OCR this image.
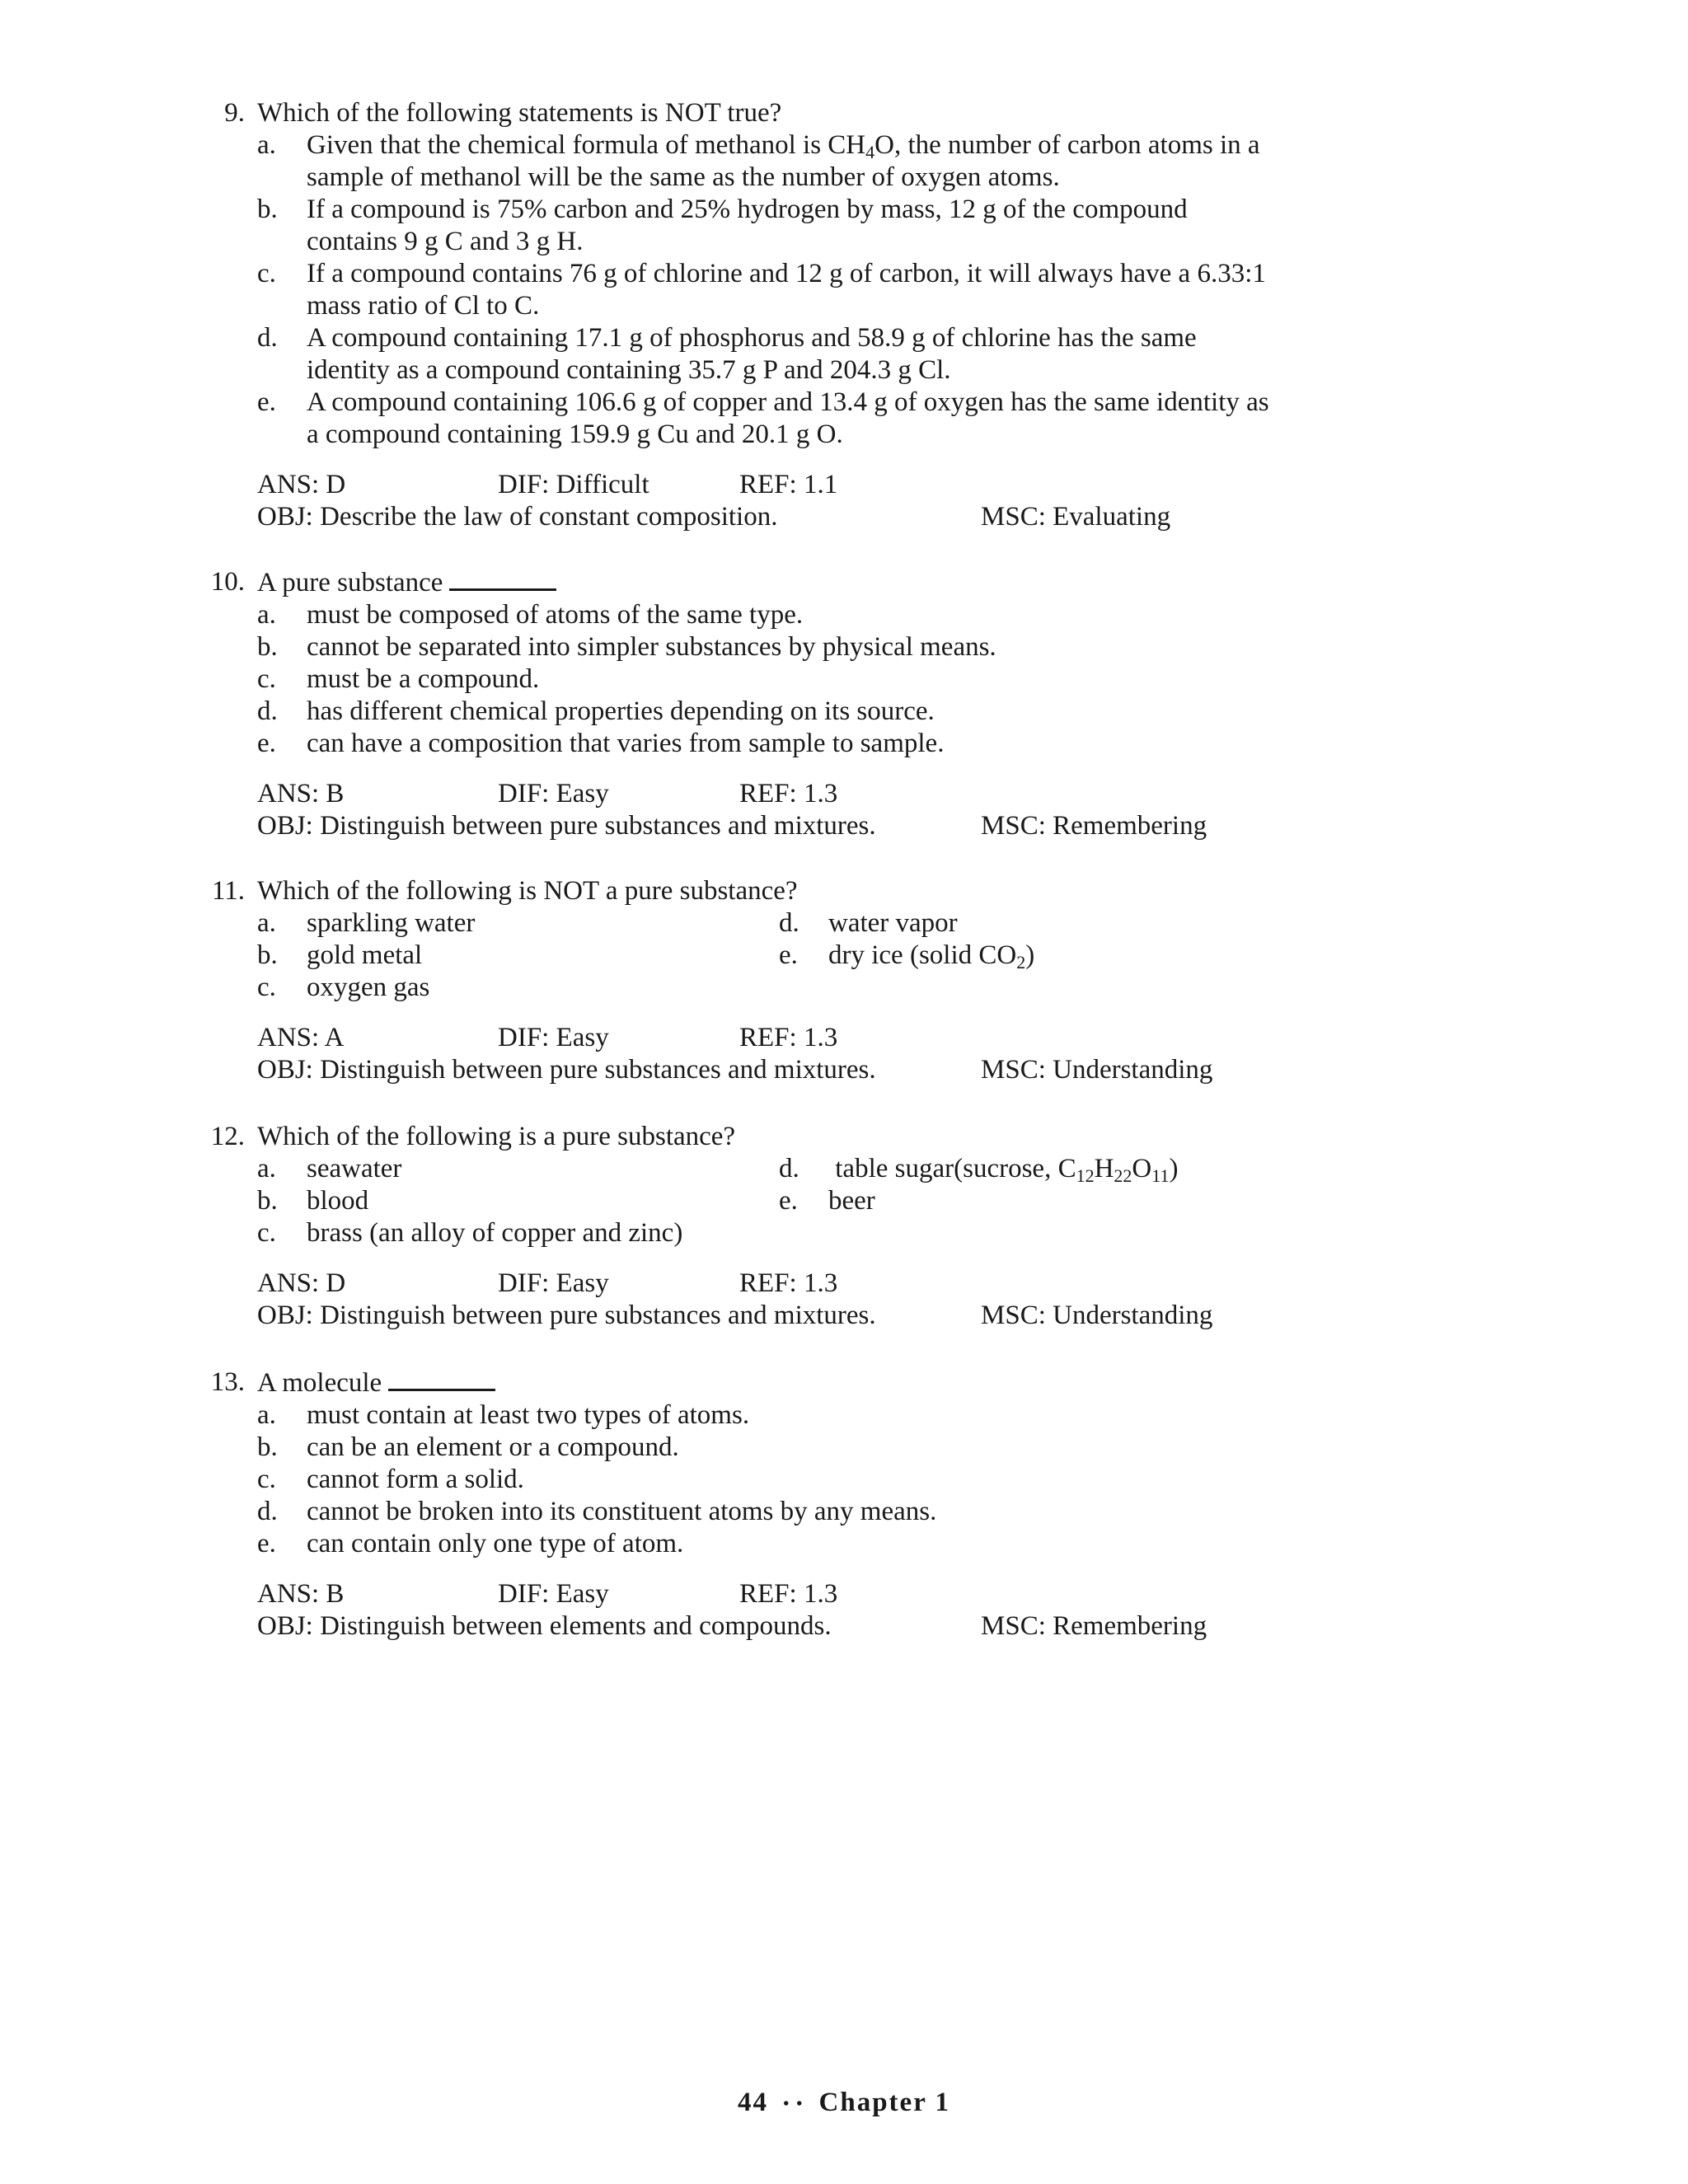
9. Which of the following statements is NOT true?
a. Given that the chemical formula of methanol is $CH_4O$, the number of carbon atoms in a
sample of methanol will be the same as the number of oxygen atoms.
b. If a compound is 75% carbon and 25% hydrogen by mass, 12 g of the compound
contains 9 g C and 3 g H.
c. If a compound contains 76 g of chlorine and 12 g of carbon, it will always have a 6.33:1
mass ratio of Cl to C.
d. A compound containing 17.1 g of phosphorus and 58.9 g of chlorine has the same
identity as a compound containing 35.7 g P and 204.3 g Cl.
e. A compound containing 106.6 g of copper and 13.4 g of oxygen has the same identity as
a compound containing 159.9 g Cu and 20.1 g O.
ANS: D	DIF: Difficult	REF: 1.1
OBJ: Describe the law of constant composition.	MSC: Evaluating
10. A pure substance
a. must be composed of atoms of the same type.
b. cannot be separated into simpler substances by physical means.
c. must be a compound.
d. has different chemical properties depending on its source.
e. can have a composition that varies from sample to sample.
ANS: B	DIF: Easy	REF: 1.3
OBJ: Distinguish between pure substances and mixtures.	MSC: Remembering
11. Which of the following is NOT a pure substance?
a. sparkling water
b. gold metal
c. oxygen gas
d. water vapor
e. dry ice (solid $CO_2$)
ANS: A	DIF: Easy	REF: 1.3
OBJ: Distinguish between pure substances and mixtures.	MSC: Understanding
12. Which of the following is a pure substance?
a. seawater
b. blood
c. brass (an alloy of copper and zinc)
d. table sugar(sucrose, $C_{12}H_{22}O_{11}$)
e. beer
ANS: D	DIF: Easy	REF: 1.3
OBJ: Distinguish between pure substances and mixtures.	MSC: Understanding
13. A molecule
a. must contain at least two types of atoms.
b. can be an element or a compound.
c. cannot form a solid.
d. cannot be broken into its constituent atoms by any means.
e. can contain only one type of atom.
ANS: B	DIF: Easy	REF: 1.3
OBJ: Distinguish between elements and compounds.	MSC: Remembering
44 • • Chapter 1
